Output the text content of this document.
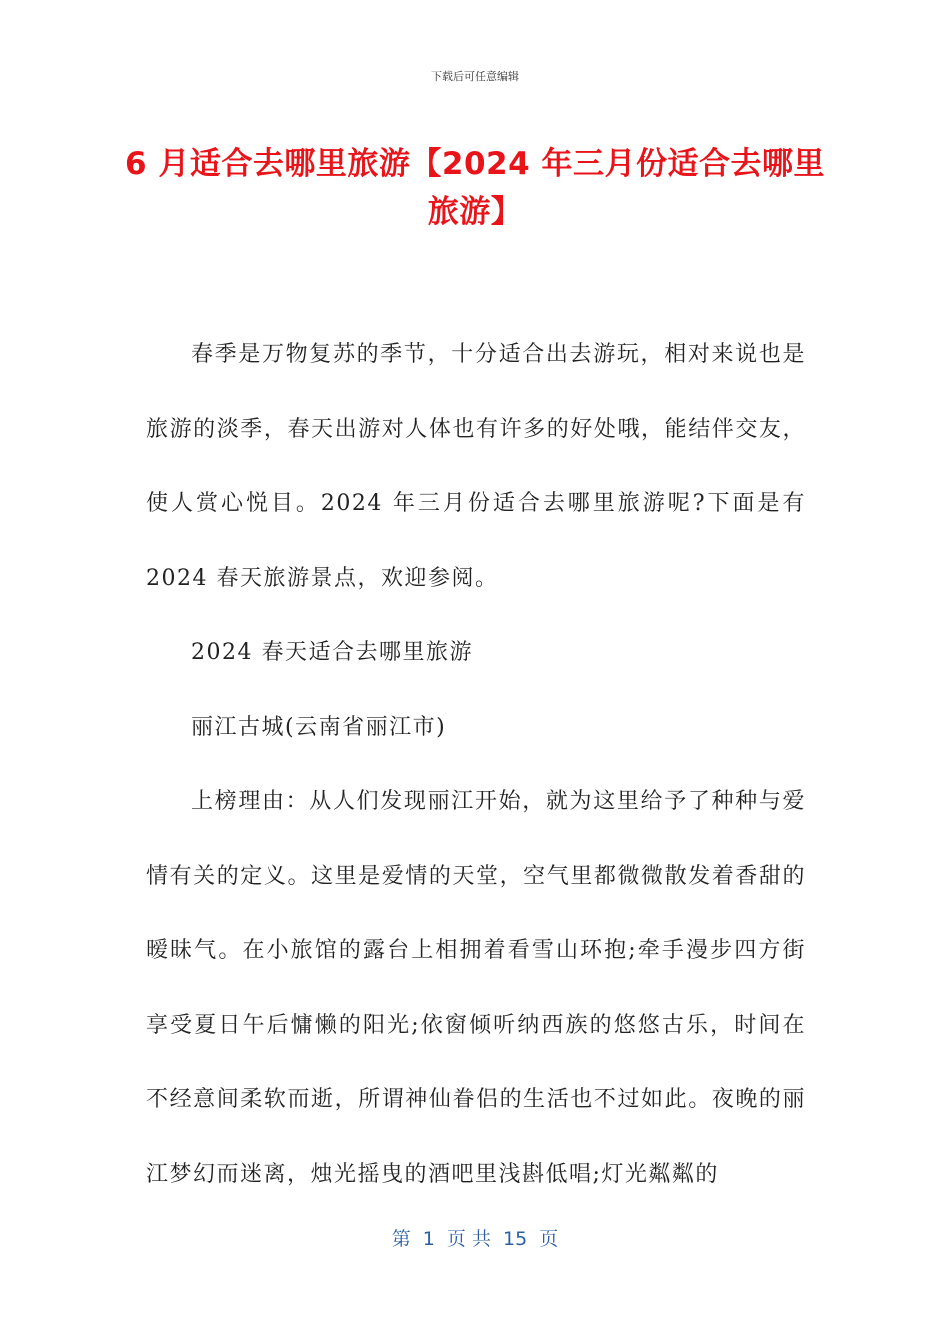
下载后可任意编辑
6 月适合去哪里旅游【2024 年三月份适合去哪里旅游】

春季是万物复苏的季节，十分适合出去游玩，相对来说也是旅游的淡季，春天出游对人体也有许多的好处哦，能结伴交友，使人赏心悦目。2024 年三月份适合去哪里旅游呢?下面是有 2024 春天旅游景点，欢迎参阅。

2024 春天适合去哪里旅游

丽江古城(云南省丽江市)

上榜理由：从人们发现丽江开始，就为这里给予了种种与爱情有关的定义。这里是爱情的天堂，空气里都微微散发着香甜的暧昧气。在小旅馆的露台上相拥着看雪山环抱;牵手漫步四方街享受夏日午后慵懒的阳光;依窗倾听纳西族的悠悠古乐，时间在不经意间柔软而逝，所谓神仙眷侣的生活也不过如此。夜晚的丽江梦幻而迷离，烛光摇曳的酒吧里浅斟低唱;灯光粼粼的

第  1  页 共  15  页
